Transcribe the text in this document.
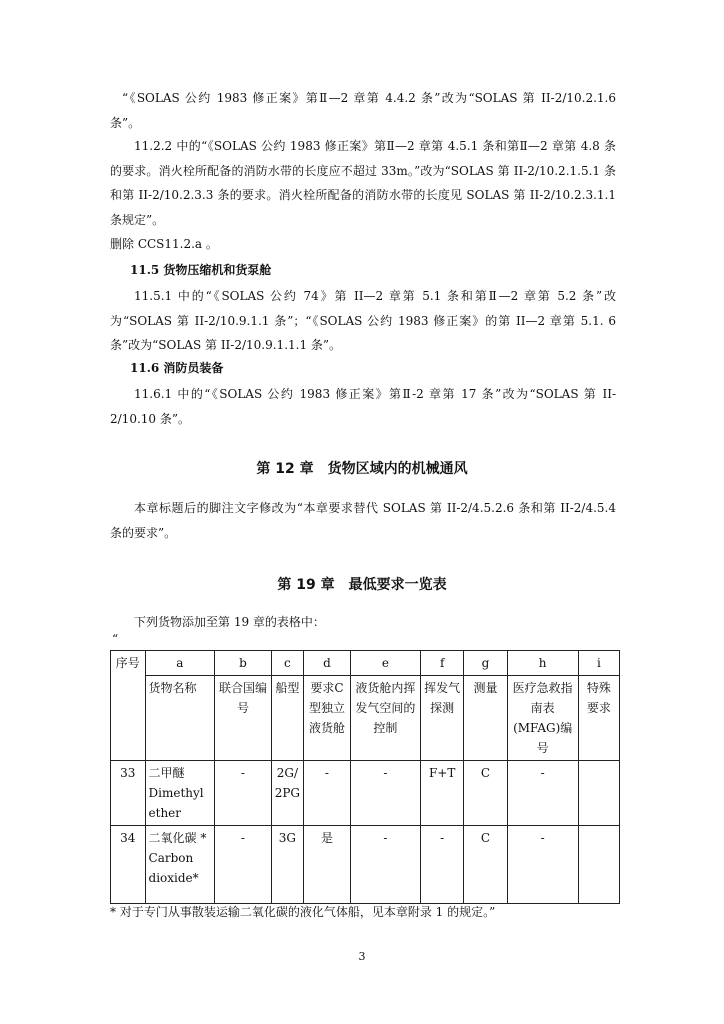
“《SOLAS 公约 1983 修正案》第Ⅱ—2 章第 4.4.2 条”改为“SOLAS 第 II-2/10.2.1.6 条”。

11.2.2 中的“《SOLAS 公约 1983 修正案》第Ⅱ—2 章第 4.5.1 条和第Ⅱ—2 章第 4.8 条的要求。消火栓所配备的消防水带的长度应不超过 33m。”改为“SOLAS 第 II-2/10.2.1.5.1 条和第 II-2/10.2.3.3 条的要求。消火栓所配备的消防水带的长度见 SOLAS 第 II-2/10.2.3.1.1 条规定”。

删除 CCS11.2.a 。

11.5 货物压缩机和货泵舱

11.5.1 中的“《SOLAS 公约 74》第 II—2 章第 5.1 条和第Ⅱ—2 章第 5.2 条”改为“SOLAS 第 II-2/10.9.1.1 条”；“《SOLAS 公约 1983 修正案》的第 II—2 章第 5.1. 6 条”改为“SOLAS 第 II-2/10.9.1.1.1 条”。

11.6 消防员装备

11.6.1 中的“《SOLAS 公约 1983 修正案》第Ⅱ-2 章第 17 条”改为“SOLAS 第 II-2/10.10 条”。

第 12 章 货物区域内的机械通风

本章标题后的脚注文字修改为“本章要求替代 SOLAS 第 II-2/4.5.2.6 条和第 II-2/4.5.4 条的要求”。

第 19 章 最低要求一览表

下列货物添加至第 19 章的表格中：

“
序号	a	b	c	d	e	f	g	h	i
	货物名称	联合国编号	船型	要求C型独立液货舱	液货舱内挥发气空间的控制	挥发气探测	测量	医疗急救指南表(MFAG)编号	特殊要求
33	二甲醚 Dimethyl ether	-	2G/ 2PG	-	-	F+T	C	-	
34	二氧化碳 * Carbon dioxide*	-	3G	是	-	-	C	-	
* 对于专门从事散装运输二氧化碳的液化气体船，见本章附录 1 的规定。”
3
